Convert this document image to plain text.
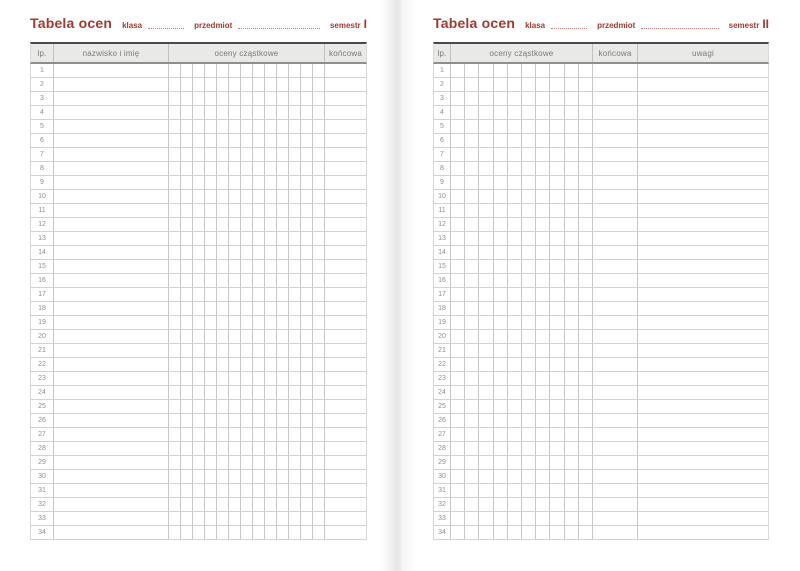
Tabela ocen klasa	przedmiot	semestr I
lp.	nazwisko i imię	oceny cząstkowe	końcowa
1
2
3
4
5
6
7
8
9
10
11
12
13
14
15
16
17
18
19
20
21
22
23
24
25
26
27
28
29
30
31
32
33
34
Tabela ocen klasa	przedmiot	semestr II
lp.	oceny cząstkowe	końcowa	uwagi
1
2
3
4
5
6
7
8
9
10
11
12
13
14
15
16
17
18
19
20
21
22
23
24
25
26
27
28
29
30
31
32
33
34
